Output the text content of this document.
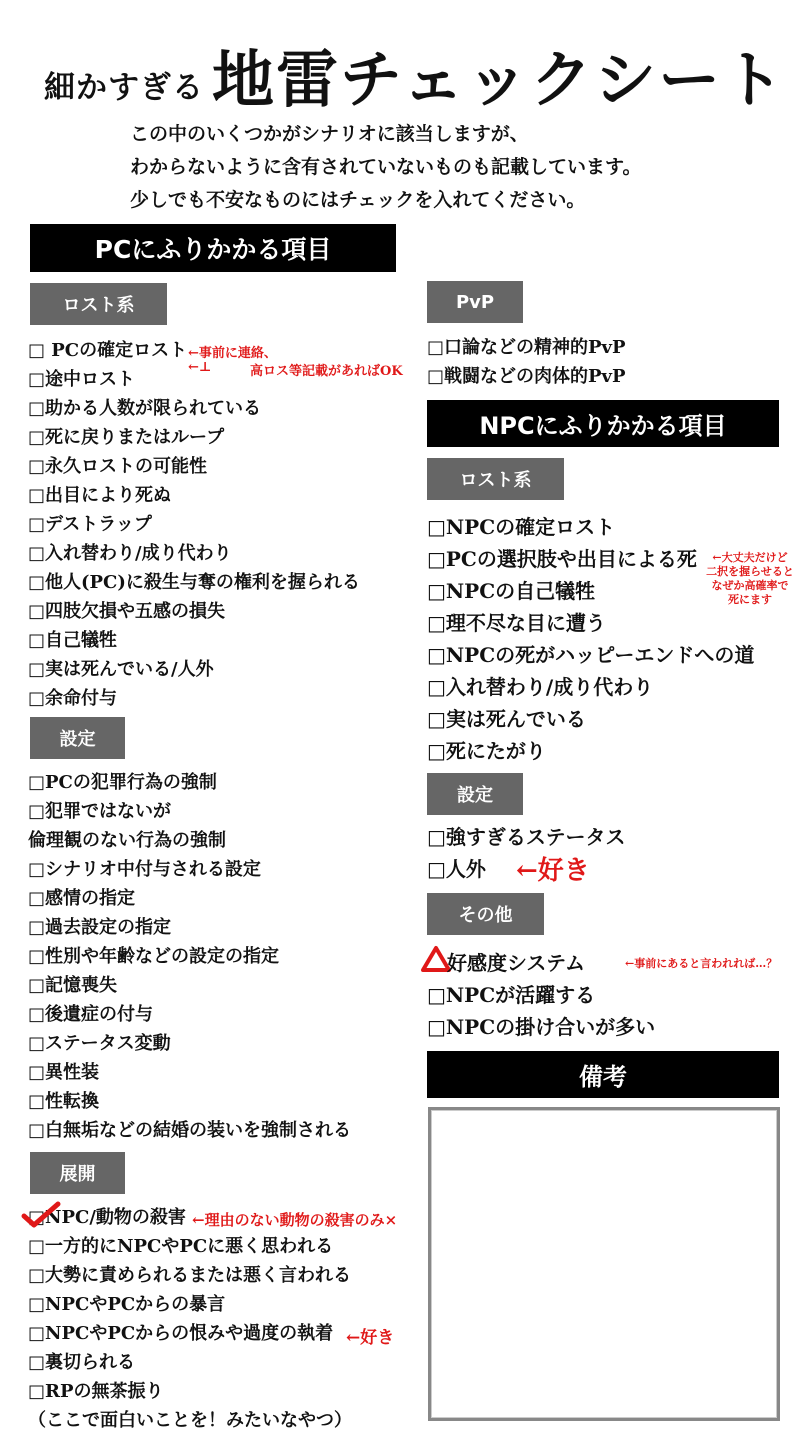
細かすぎる 地雷チェックシート
この中のいくつかがシナリオに該当しますが、
わからないように含有されていないものも記載しています。
少しでも不安なものにはチェックを入れてください。
PCにふりかかる項目
ロスト系
□ PCの確定ロスト
□途中ロスト
□助かる人数が限られている
□死に戻りまたはループ
□永久ロストの可能性
□出目により死ぬ
□デストラップ
□入れ替わり/成り代わり
□他人(PC)に殺生与奪の権利を握られる
□四肢欠損や五感の損失
□自己犠牲
□実は死んでいる/人外
□余命付与
←事前に連絡、
←⊥	高ロス等記載があればOK
設定
□PCの犯罪行為の強制
□犯罪ではないが
倫理観のない行為の強制
□シナリオ中付与される設定
□感情の指定
□過去設定の指定
□性別や年齢などの設定の指定
□記憶喪失
□後遺症の付与
□ステータス変動
□異性装
□性転換
□白無垢などの結婚の装いを強制される
展開
□NPC/動物の殺害
□一方的にNPCやPCに悪く思われる
□大勢に責められるまたは悪く言われる
□NPCやPCからの暴言
□NPCやPCからの恨みや過度の執着
□裏切られる
□RPの無茶振り
（ここで面白いことを！みたいなやつ）
←理由のない動物の殺害のみ×
←好き
PvP
□口論などの精神的PvP
□戦闘などの肉体的PvP
NPCにふりかかる項目
ロスト系
□NPCの確定ロスト
□PCの選択肢や出目による死
□NPCの自己犠牲
□理不尽な目に遭う
□NPCの死がハッピーエンドへの道
□入れ替わり/成り代わり
□実は死んでいる
□死にたがり
←大丈夫だけど
二択を握らせると
なぜか高確率で
死にます
設定
□強すぎるステータス
□人外	←好き
その他
好感度システム
□NPCが活躍する
□NPCの掛け合いが多い
←事前にあると言われれば…？
備考
